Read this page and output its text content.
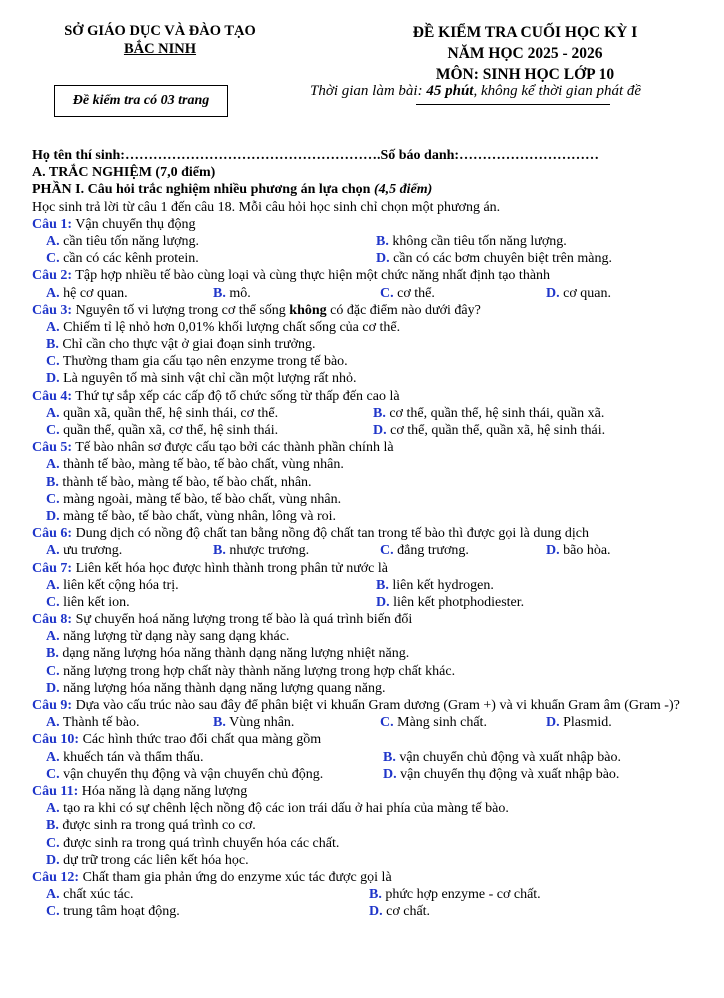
SỞ GIÁO DỤC VÀ ĐÀO TẠO
BẮC NINH
ĐỀ KIỂM TRA CUỐI HỌC KỲ I
NĂM HỌC 2025 - 2026
MÔN: SINH HỌC LỚP 10
Đề kiểm tra có 03 trang
Thời gian làm bài: 45 phút, không kể thời gian phát đề
Họ tên thí sinh:……………………………………………….Số báo danh:…………………………
A. TRẮC NGHIỆM (7,0 điểm)
PHẦN I. Câu hỏi trắc nghiệm nhiều phương án lựa chọn (4,5 điểm)
Học sinh trả lời từ câu 1 đến câu 18. Mỗi câu hỏi học sinh chỉ chọn một phương án.
Câu 1: Vận chuyển thụ động
A. cần tiêu tốn năng lượng.	B. không cần tiêu tốn năng lượng.
C. cần có các kênh protein.	D. cần có các bơm chuyên biệt trên màng.
Câu 2: Tập hợp nhiều tế bào cùng loại và cùng thực hiện một chức năng nhất định tạo thành
A. hệ cơ quan.	B. mô.	C. cơ thể.	D. cơ quan.
Câu 3: Nguyên tố vi lượng trong cơ thể sống không có đặc điểm nào dưới đây?
A. Chiếm tỉ lệ nhỏ hơn 0,01% khối lượng chất sống của cơ thể.
B. Chỉ cần cho thực vật ở giai đoạn sinh trưởng.
C. Thường tham gia cấu tạo nên enzyme trong tế bào.
D. Là nguyên tố mà sinh vật chỉ cần một lượng rất nhỏ.
Câu 4: Thứ tự sắp xếp các cấp độ tổ chức sống từ thấp đến cao là
A. quần xã, quần thể, hệ sinh thái, cơ thể.	B. cơ thể, quần thể, hệ sinh thái, quần xã.
C. quần thể, quần xã, cơ thể, hệ sinh thái.	D. cơ thể, quần thể, quần xã, hệ sinh thái.
Câu 5: Tế bào nhân sơ được cấu tạo bởi các thành phần chính là
A. thành tế bào, màng tế bào, tế bào chất, vùng nhân.
B. thành tế bào, màng tế bào, tế bào chất, nhân.
C. màng ngoài, màng tế bào, tế bào chất, vùng nhân.
D. màng tế bào, tế bào chất, vùng nhân, lông và roi.
Câu 6: Dung dịch có nồng độ chất tan bằng nồng độ chất tan trong tế bào thì được gọi là dung dịch
A. ưu trương.	B. nhược trương.	C. đẳng trương.	D. bão hòa.
Câu 7: Liên kết hóa học được hình thành trong phân tử nước là
A. liên kết cộng hóa trị.	B. liên kết hydrogen.
C. liên kết ion.	D. liên kết photphodiester.
Câu 8: Sự chuyển hoá năng lượng trong tế bào là quá trình biến đổi
A. năng lượng từ dạng này sang dạng khác.
B. dạng năng lượng hóa năng thành dạng năng lượng nhiệt năng.
C. năng lượng trong hợp chất này thành năng lượng trong hợp chất khác.
D. năng lượng hóa năng thành dạng năng lượng quang năng.
Câu 9: Dựa vào cấu trúc nào sau đây để phân biệt vi khuẩn Gram dương (Gram +) và vi khuẩn Gram âm (Gram -)?
A. Thành tế bào.	B. Vùng nhân.	C. Màng sinh chất.	D. Plasmid.
Câu 10: Các hình thức trao đổi chất qua màng gồm
A. khuếch tán và thẩm thấu.	B. vận chuyển chủ động và xuất nhập bào.
C. vận chuyển thụ động và vận chuyển chủ động.	D. vận chuyển thụ động và xuất nhập bào.
Câu 11: Hóa năng là dạng năng lượng
A. tạo ra khi có sự chênh lệch nồng độ các ion trái dấu ở hai phía của màng tế bào.
B. được sinh ra trong quá trình co cơ.
C. được sinh ra trong quá trình chuyển hóa các chất.
D. dự trữ trong các liên kết hóa học.
Câu 12: Chất tham gia phản ứng do enzyme xúc tác được gọi là
A. chất xúc tác.	B. phức hợp enzyme - cơ chất.
C. trung tâm hoạt động.	D. cơ chất.
